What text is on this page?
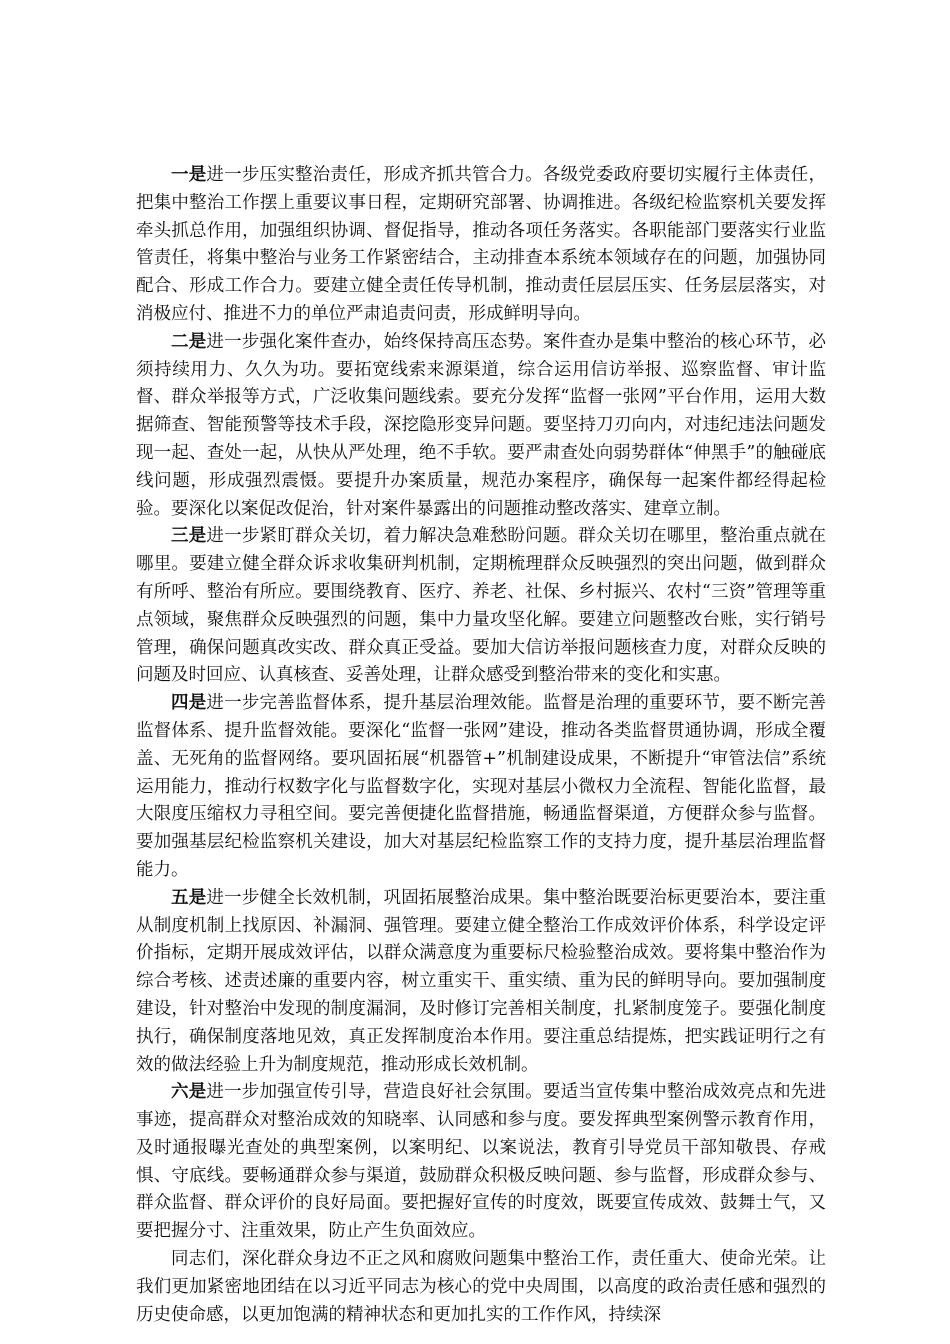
一是进一步压实整治责任，形成齐抓共管合力。各级党委政府要切实履行主体责任，把集中整治工作摆上重要议事日程，定期研究部署、协调推进。各级纪检监察机关要发挥牵头抓总作用，加强组织协调、督促指导，推动各项任务落实。各职能部门要落实行业监管责任，将集中整治与业务工作紧密结合，主动排查本系统本领域存在的问题，加强协同配合、形成工作合力。要建立健全责任传导机制，推动责任层层压实、任务层层落实，对消极应付、推进不力的单位严肃追责问责，形成鲜明导向。

二是进一步强化案件查办，始终保持高压态势。案件查办是集中整治的核心环节，必须持续用力、久久为功。要拓宽线索来源渠道，综合运用信访举报、巡察监督、审计监督、群众举报等方式，广泛收集问题线索。要充分发挥“监督一张网”平台作用，运用大数据筛查、智能预警等技术手段，深挖隐形变异问题。要坚持刀刃向内，对违纪违法问题发现一起、查处一起，从快从严处理，绝不手软。要严肃查处向弱势群体“伸黑手”的触碰底线问题，形成强烈震慑。要提升办案质量，规范办案程序，确保每一起案件都经得起检验。要深化以案促改促治，针对案件暴露出的问题推动整改落实、建章立制。

三是进一步紧盯群众关切，着力解决急难愁盼问题。群众关切在哪里，整治重点就在哪里。要建立健全群众诉求收集研判机制，定期梳理群众反映强烈的突出问题，做到群众有所呼、整治有所应。要围绕教育、医疗、养老、社保、乡村振兴、农村“三资”管理等重点领域，聚焦群众反映强烈的问题，集中力量攻坚化解。要建立问题整改台账，实行销号管理，确保问题真改实改、群众真正受益。要加大信访举报问题核查力度，对群众反映的问题及时回应、认真核查、妥善处理，让群众感受到整治带来的变化和实惠。

四是进一步完善监督体系，提升基层治理效能。监督是治理的重要环节，要不断完善监督体系、提升监督效能。要深化“监督一张网”建设，推动各类监督贯通协调，形成全覆盖、无死角的监督网络。要巩固拓展“机器管+”机制建设成果，不断提升“审管法信”系统运用能力，推动行权数字化与监督数字化，实现对基层小微权力全流程、智能化监督，最大限度压缩权力寻租空间。要完善便捷化监督措施，畅通监督渠道，方便群众参与监督。要加强基层纪检监察机关建设，加大对基层纪检监察工作的支持力度，提升基层治理监督能力。

五是进一步健全长效机制，巩固拓展整治成果。集中整治既要治标更要治本，要注重从制度机制上找原因、补漏洞、强管理。要建立健全整治工作成效评价体系，科学设定评价指标，定期开展成效评估，以群众满意度为重要标尺检验整治成效。要将集中整治作为综合考核、述责述廉的重要内容，树立重实干、重实绩、重为民的鲜明导向。要加强制度建设，针对整治中发现的制度漏洞，及时修订完善相关制度，扎紧制度笼子。要强化制度执行，确保制度落地见效，真正发挥制度治本作用。要注重总结提炼，把实践证明行之有效的做法经验上升为制度规范，推动形成长效机制。

六是进一步加强宣传引导，营造良好社会氛围。要适当宣传集中整治成效亮点和先进事迹，提高群众对整治成效的知晓率、认同感和参与度。要发挥典型案例警示教育作用，及时通报曝光查处的典型案例，以案明纪、以案说法，教育引导党员干部知敬畏、存戒惧、守底线。要畅通群众参与渠道，鼓励群众积极反映问题、参与监督，形成群众参与、群众监督、群众评价的良好局面。要把握好宣传的时度效，既要宣传成效、鼓舞士气，又要把握分寸、注重效果，防止产生负面效应。

同志们，深化群众身边不正之风和腐败问题集中整治工作，责任重大、使命光荣。让我们更加紧密地团结在以习近平同志为核心的党中央周围，以高度的政治责任感和强烈的历史使命感，以更加饱满的精神状态和更加扎实的工作作风，持续深
